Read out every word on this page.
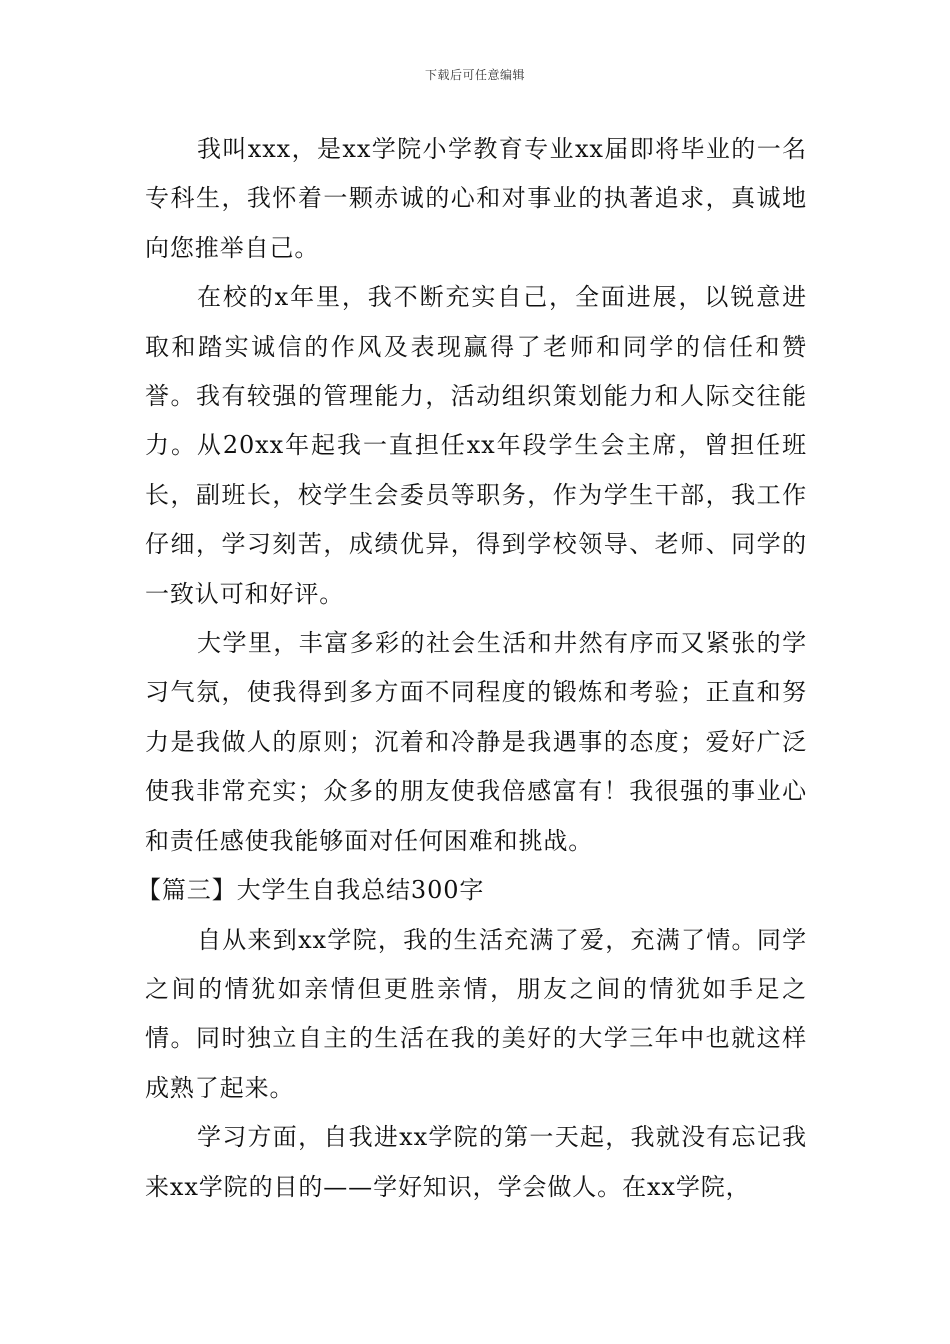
下载后可任意编辑

我叫xxx，是xx学院小学教育专业xx届即将毕业的一名专科生，我怀着一颗赤诚的心和对事业的执著追求，真诚地向您推举自己。

在校的x年里，我不断充实自己，全面进展，以锐意进取和踏实诚信的作风及表现赢得了老师和同学的信任和赞誉。我有较强的管理能力，活动组织策划能力和人际交往能力。从20xx年起我一直担任xx年段学生会主席，曾担任班长，副班长，校学生会委员等职务，作为学生干部，我工作仔细，学习刻苦，成绩优异，得到学校领导、老师、同学的一致认可和好评。

大学里，丰富多彩的社会生活和井然有序而又紧张的学习气氛，使我得到多方面不同程度的锻炼和考验；正直和努力是我做人的原则；沉着和冷静是我遇事的态度；爱好广泛使我非常充实；众多的朋友使我倍感富有！我很强的事业心和责任感使我能够面对任何困难和挑战。

【篇三】大学生自我总结300字

自从来到xx学院，我的生活充满了爱，充满了情。同学之间的情犹如亲情但更胜亲情，朋友之间的情犹如手足之情。同时独立自主的生活在我的美好的大学三年中也就这样成熟了起来。

学习方面，自我进xx学院的第一天起，我就没有忘记我来xx学院的目的——学好知识，学会做人。在xx学院，
